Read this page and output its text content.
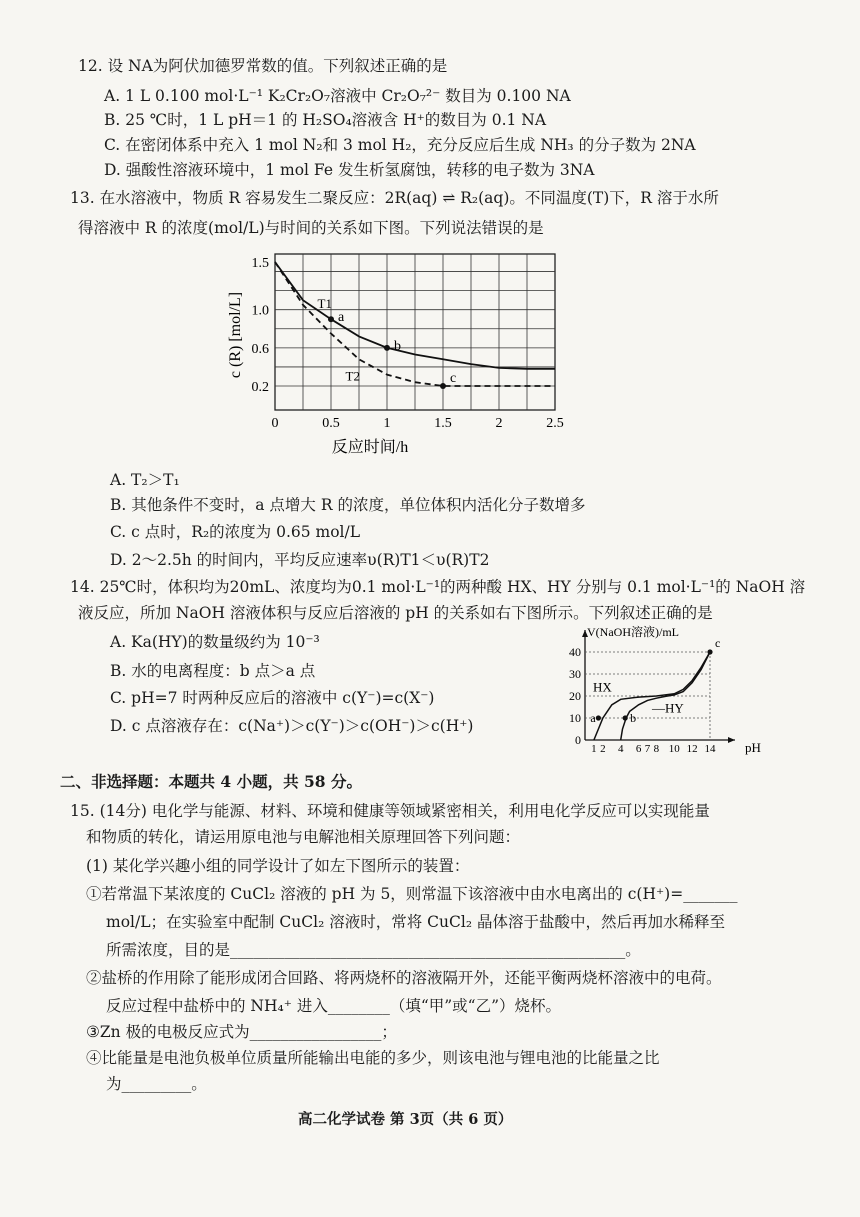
12. 设 NA为阿伏加德罗常数的值。下列叙述正确的是
A. 1 L 0.100 mol·L⁻¹ K₂Cr₂O₇溶液中 Cr₂O₇²⁻ 数目为 0.100 NA
B. 25 ℃时，1 L pH＝1 的 H₂SO₄溶液含 H⁺的数目为 0.1 NA
C. 在密闭体系中充入 1 mol N₂和 3 mol H₂，充分反应后生成 NH₃ 的分子数为 2NA
D. 强酸性溶液环境中，1 mol Fe 发生析氢腐蚀，转移的电子数为 3NA
13. 在水溶液中，物质 R 容易发生二聚反应：2R(aq) ⇌ R₂(aq)。不同温度(T)下，R 溶于水所
得溶液中 R 的浓度(mol/L)与时间的关系如下图。下列说法错误的是
T1
T2
a
b
c
0	0.5	1	1.5	2	2.5
0.2
0.6
1.0
1.5
反应时间/h
c (R) [mol/L]
A. T₂＞T₁
B. 其他条件不变时，a 点增大 R 的浓度，单位体积内活化分子数增多
C. c 点时，R₂的浓度为 0.65 mol/L
D. 2～2.5h 的时间内，平均反应速率υ(R)T1＜υ(R)T2
14. 25℃时，体积均为20mL、浓度均为0.1 mol·L⁻¹的两种酸 HX、HY 分别与 0.1 mol·L⁻¹的 NaOH 溶
液反应，所加 NaOH 溶液体积与反应后溶液的 pH 的关系如右下图所示。下列叙述正确的是
A. Ka(HY)的数量级约为 10⁻³
B. 水的电离程度：b 点＞a 点
C. pH=7 时两种反应后的溶液中 c(Y⁻)=c(X⁻)
D. c 点溶液存在：c(Na⁺)＞c(Y⁻)＞c(OH⁻)＞c(H⁺)
HX
—HY
a	b
c
1 2 4 6 7 8 10 12 14
0
10
20
30
40
V(NaOH溶液)/mL
pH
二、非选择题：本题共 4 小题，共 58 分。
15. (14分) 电化学与能源、材料、环境和健康等领域紧密相关，利用电化学反应可以实现能量
和物质的转化，请运用原电池与电解池相关原理回答下列问题：
(1) 某化学兴趣小组的同学设计了如左下图所示的装置：
①若常温下某浓度的 CuCl₂ 溶液的 pH 为 5，则常温下该溶液中由水电离出的 c(H⁺)=_______
mol/L；在实验室中配制 CuCl₂ 溶液时，常将 CuCl₂ 晶体溶于盐酸中，然后再加水稀释至
所需浓度，目的是___________________________________________________。
②盐桥的作用除了能形成闭合回路、将两烧杯的溶液隔开外，还能平衡两烧杯溶液中的电荷。
反应过程中盐桥中的 NH₄⁺ 进入________（填“甲”或“乙”）烧杯。
③Zn 极的电极反应式为_________________；
④比能量是电池负极单位质量所能输出电能的多少，则该电池与锂电池的比能量之比
为_________。
高二化学试卷 第 3页（共 6 页）
